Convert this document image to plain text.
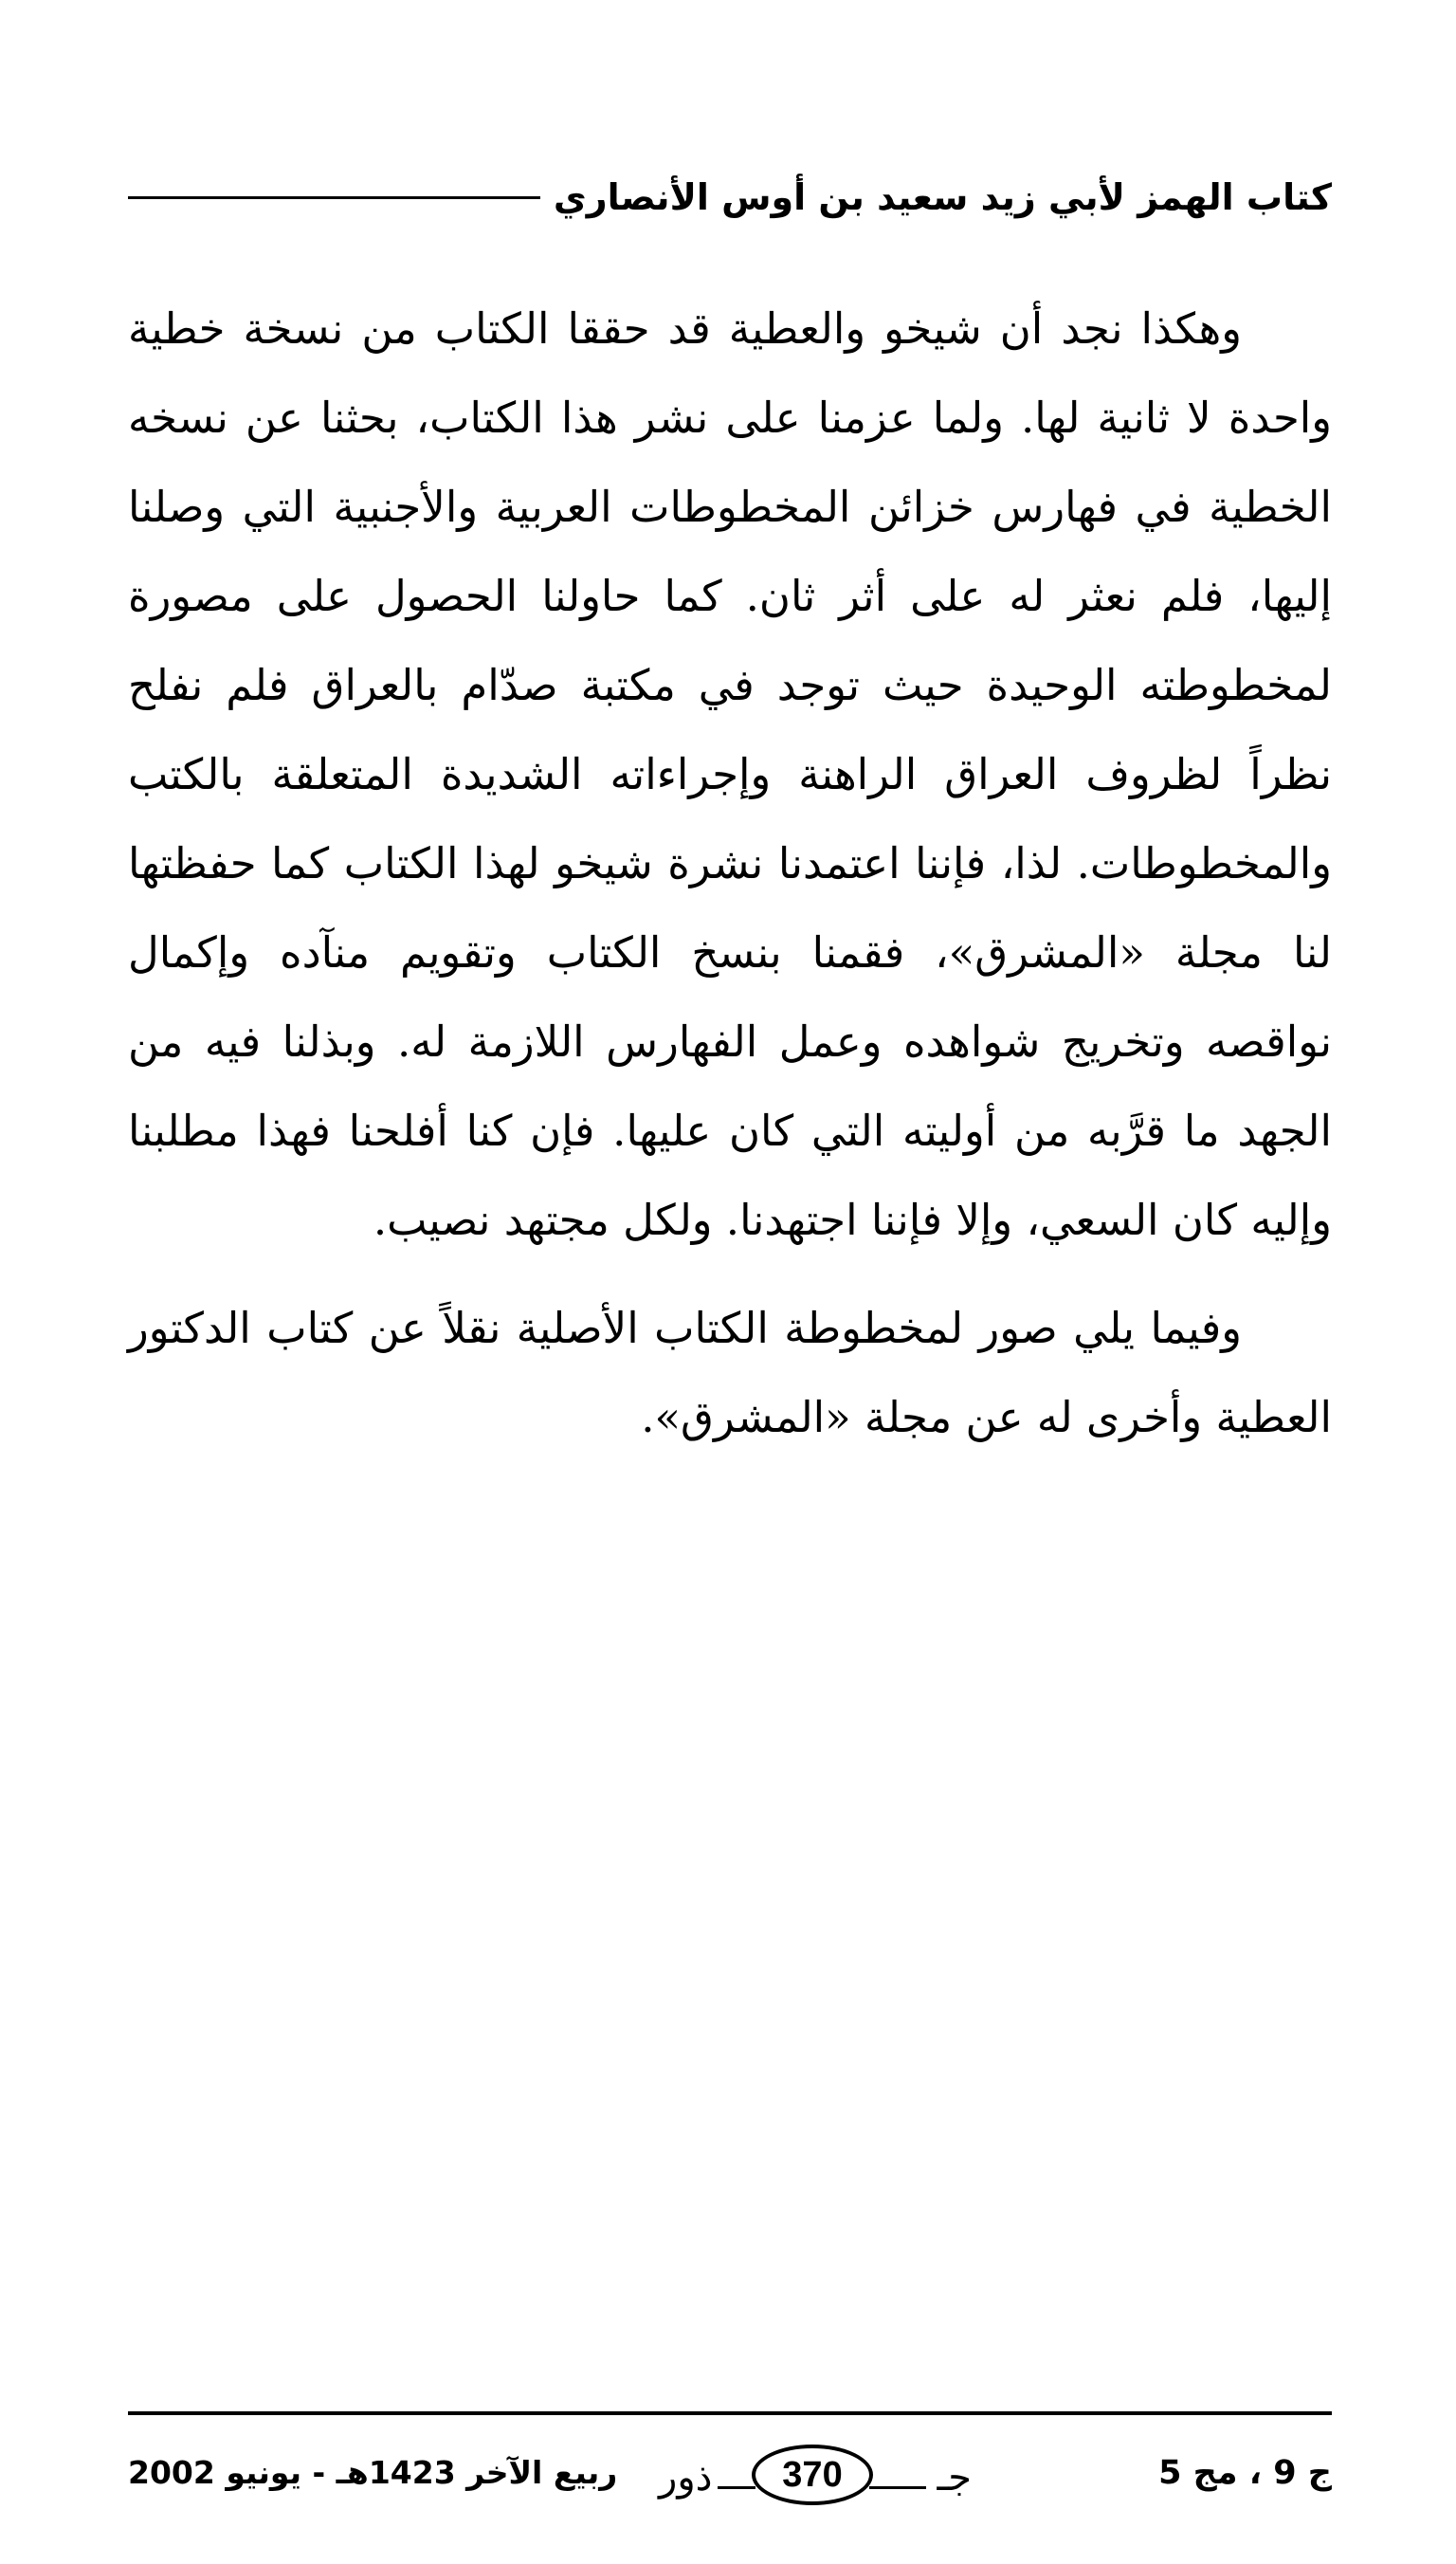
كتاب الهمز لأبي زيد سعيد بن أوس الأنصاري

وهكذا نجد أن شيخو والعطية قد حققا الكتاب من نسخة خطية واحدة لا ثانية لها. ولما عزمنا على نشر هذا الكتاب، بحثنا عن نسخه الخطية في فهارس خزائن المخطوطات العربية والأجنبية التي وصلنا إليها، فلم نعثر له على أثر ثان. كما حاولنا الحصول على مصورة لمخطوطته الوحيدة حيث توجد في مكتبة صدّام بالعراق فلم نفلح نظراً لظروف العراق الراهنة وإجراءاته الشديدة المتعلقة بالكتب والمخطوطات. لذا، فإننا اعتمدنا نشرة شيخو لهذا الكتاب كما حفظتها لنا مجلة «المشرق»، فقمنا بنسخ الكتاب وتقويم منآده وإكمال نواقصه وتخريج شواهده وعمل الفهارس اللازمة له. وبذلنا فيه من الجهد ما قرَّبه من أوليته التي كان عليها. فإن كنا أفلحنا فهذا مطلبنا وإليه كان السعي، وإلا فإننا اجتهدنا. ولكل مجتهد نصيب.

وفيما يلي صور لمخطوطة الكتاب الأصلية نقلاً عن كتاب الدكتور العطية وأخرى له عن مجلة «المشرق».

ج 9 ، مج 5
جـ
370
ذور
ربيع الآخر 1423هـ - يونيو 2002
